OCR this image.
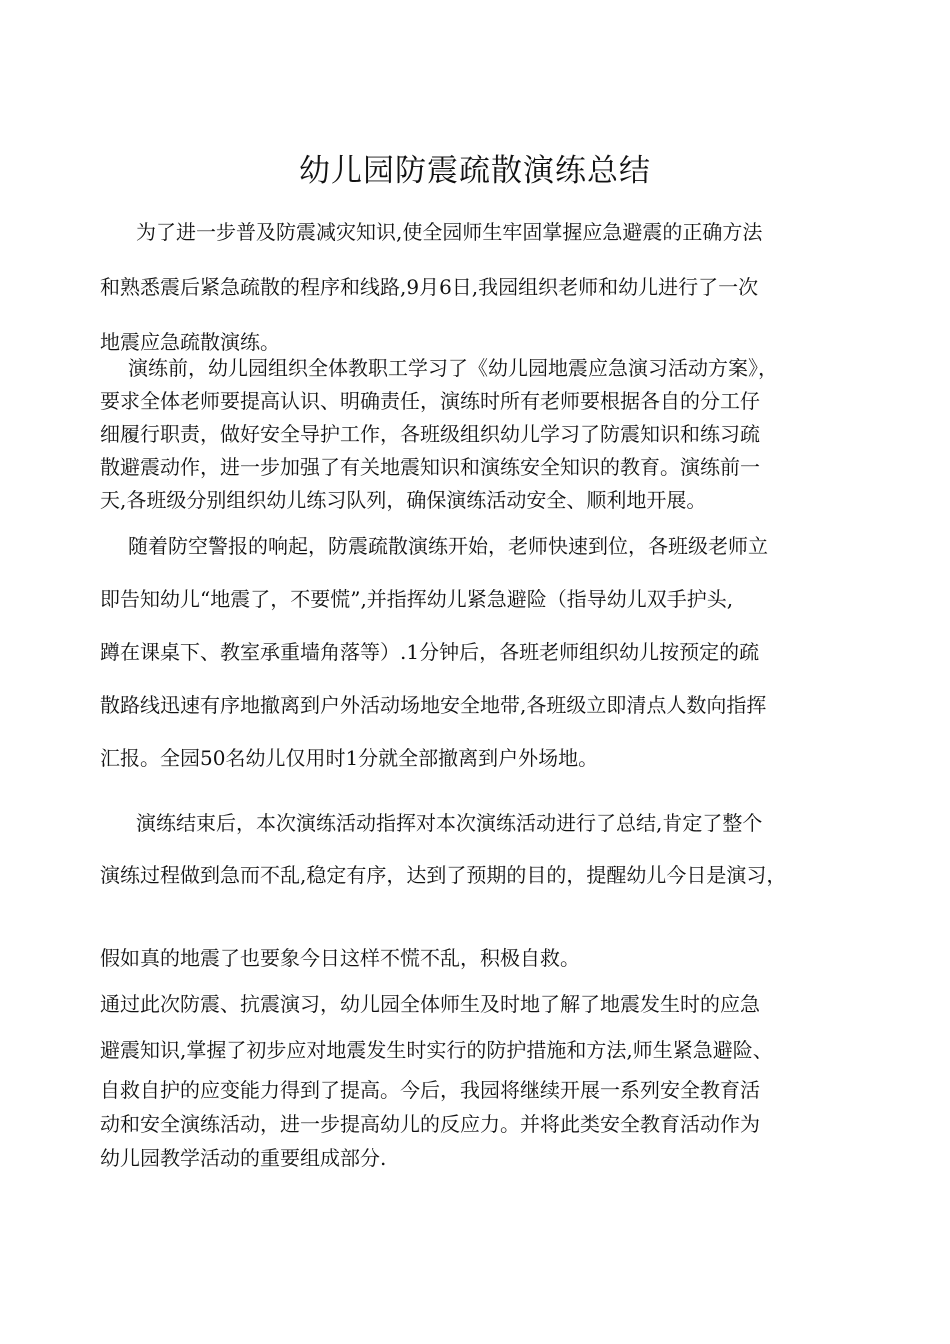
幼儿园防震疏散演练总结
为了进一步普及防震减灾知识,使全园师生牢固掌握应急避震的正确方法
和熟悉震后紧急疏散的程序和线路,9月6日,我园组织老师和幼儿进行了一次
地震应急疏散演练。
演练前，幼儿园组织全体教职工学习了《幼儿园地震应急演习活动方案》，
要求全体老师要提高认识、明确责任，演练时所有老师要根据各自的分工仔
细履行职责，做好安全导护工作，各班级组织幼儿学习了防震知识和练习疏
散避震动作，进一步加强了有关地震知识和演练安全知识的教育。演练前一
天,各班级分别组织幼儿练习队列，确保演练活动安全、顺利地开展。
随着防空警报的响起，防震疏散演练开始，老师快速到位，各班级老师立
即告知幼儿“地震了，不要慌”,并指挥幼儿紧急避险（指导幼儿双手护头,
蹲在课桌下、教室承重墙角落等）.1分钟后，各班老师组织幼儿按预定的疏
散路线迅速有序地撤离到户外活动场地安全地带,各班级立即清点人数向指挥
汇报。全园50名幼儿仅用时1分就全部撤离到户外场地。
演练结束后，本次演练活动指挥对本次演练活动进行了总结,肯定了整个
演练过程做到急而不乱,稳定有序，达到了预期的目的，提醒幼儿今日是演习，
假如真的地震了也要象今日这样不慌不乱，积极自救。
通过此次防震、抗震演习，幼儿园全体师生及时地了解了地震发生时的应急
避震知识,掌握了初步应对地震发生时实行的防护措施和方法,师生紧急避险、
自救自护的应变能力得到了提高。今后，我园将继续开展一系列安全教育活
动和安全演练活动，进一步提高幼儿的反应力。并将此类安全教育活动作为
幼儿园教学活动的重要组成部分.
